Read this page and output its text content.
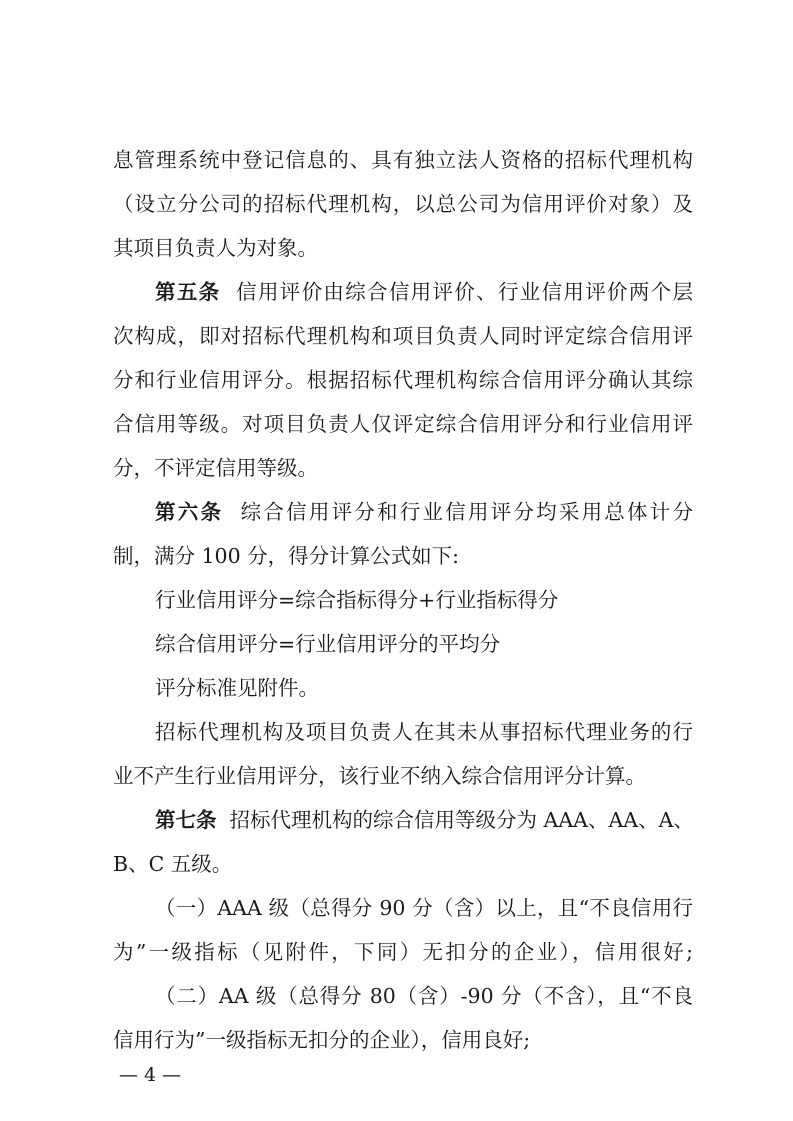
息管理系统中登记信息的、具有独立法人资格的招标代理机构
（设立分公司的招标代理机构，以总公司为信用评价对象）及
其项目负责人为对象。
第五条  信用评价由综合信用评价、行业信用评价两个层
次构成，即对招标代理机构和项目负责人同时评定综合信用评
分和行业信用评分。根据招标代理机构综合信用评分确认其综
合信用等级。对项目负责人仅评定综合信用评分和行业信用评
分，不评定信用等级。
第六条  综合信用评分和行业信用评分均采用总体计分
制，满分 100 分，得分计算公式如下:
行业信用评分=综合指标得分+行业指标得分
综合信用评分=行业信用评分的平均分
评分标准见附件。
招标代理机构及项目负责人在其未从事招标代理业务的行
业不产生行业信用评分，该行业不纳入综合信用评分计算。
第七条  招标代理机构的综合信用等级分为 AAA、AA、A、
B、C 五级。
（一）AAA 级（总得分 90 分（含）以上，且“不良信用行
为”一级指标（见附件，下同）无扣分的企业），信用很好;
（二）AA 级（总得分 80（含）-90 分（不含），且“不良
信用行为”一级指标无扣分的企业），信用良好;
— 4 —
